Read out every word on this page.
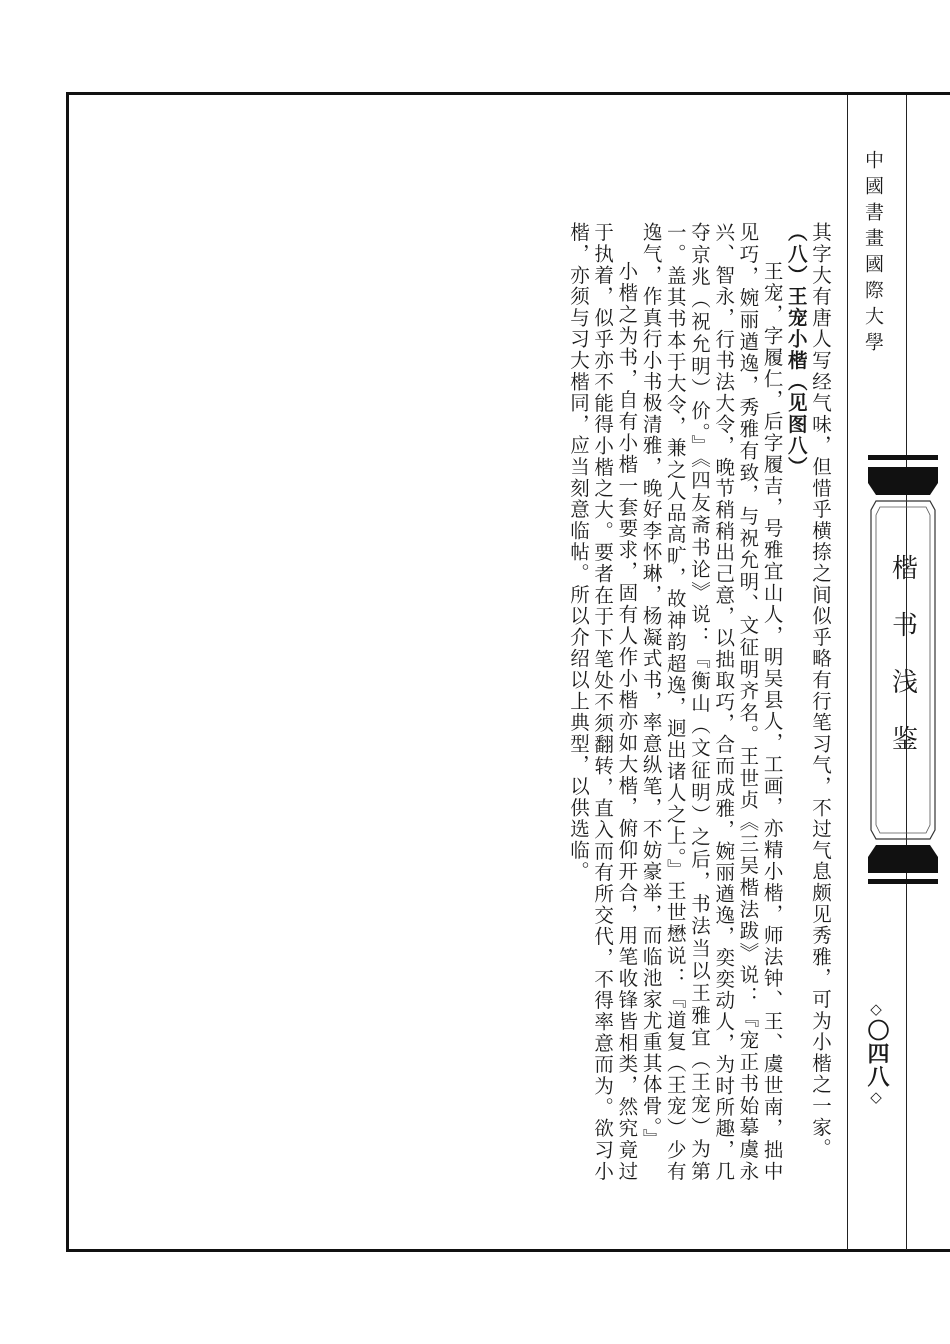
其字大有唐人写经气味，但惜乎横捺之间似乎略有行笔习气，不过气息颇见秀雅，可为小楷之一家。

（八）王宠小楷（见图八）

王宠，字履仁，后字履吉，号雅宜山人，明吴县人，工画，亦精小楷，师法钟、王、虞世南，拙中见巧，婉丽遒逸，秀雅有致，与祝允明、文征明齐名。王世贞《三吴楷法跋》说：『宠正书始摹虞永兴、智永，行书法大令，晚节稍稍出己意，以拙取巧，合而成雅，婉丽遒逸，奕奕动人，为时所趣，几夺京兆（祝允明）价。』《四友斋书论》说：『衡山（文征明）之后，书法当以王雅宜（王宠）为第一。盖其书本于大令，兼之人品高旷，故神韵超逸，迥出诸人之上。』王世懋说：『道复（王宠）少有逸气，作真行小书极清雅，晚好李怀琳，杨凝式书，率意纵笔，不妨豪举，而临池家尤重其体骨。』

小楷之为书，自有小楷一套要求，固有人作小楷亦如大楷，俯仰开合，用笔收锋皆相类，然究竟过于执着，似乎亦不能得小楷之大。要者在于下笔处不须翻转，直入而有所交代，不得率意而为。欲习小楷，亦须与习大楷同，应当刻意临帖。所以介绍以上典型，以供选临。	中國書畫國際大學
楷书浅鉴
◇〇四八◇
